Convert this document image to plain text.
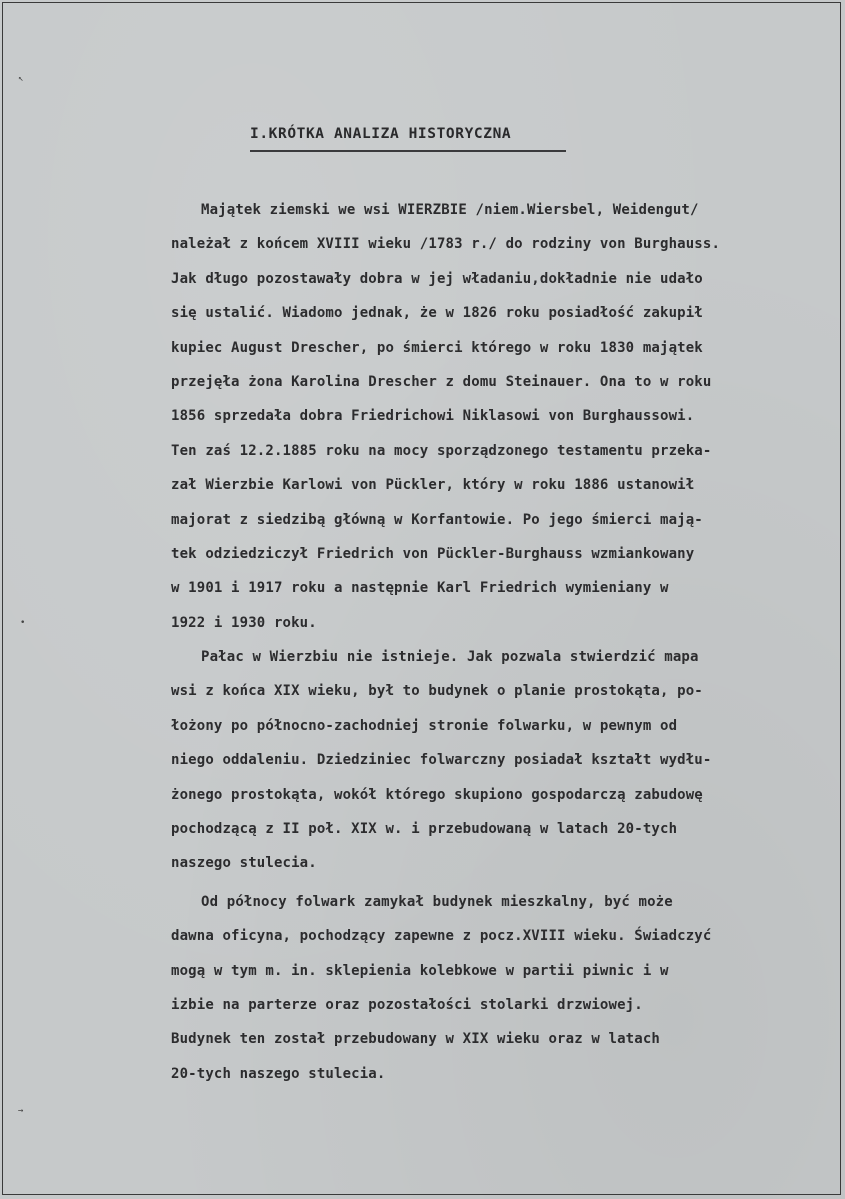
↖
•
→
I.KRÓTKA ANALIZA HISTORYCZNA
Majątek ziemski we wsi WIERZBIE /niem.Wiersbel, Weidengut/
należał z końcem XVIII wieku /1783 r./ do rodziny von Burghauss.
Jak długo pozostawały dobra w jej władaniu,dokładnie nie udało
się ustalić. Wiadomo jednak, że w 1826 roku posiadłość zakupił
kupiec August Drescher, po śmierci którego w roku 1830 majątek
przejęła żona Karolina Drescher z domu Steinauer. Ona to w roku
1856 sprzedała dobra Friedrichowi Niklasowi von Burghaussowi.
Ten zaś 12.2.1885 roku na mocy sporządzonego testamentu przeka-
zał Wierzbie Karlowi von Pückler, który w roku 1886 ustanowił
majorat z siedzibą główną w Korfantowie. Po jego śmierci mają-
tek odziedziczył Friedrich von Pückler-Burghauss wzmiankowany
w 1901 i 1917 roku a następnie Karl Friedrich wymieniany w
1922 i 1930 roku.
Pałac w Wierzbiu nie istnieje. Jak pozwala stwierdzić mapa
wsi z końca XIX wieku, był to budynek o planie prostokąta, po-
łożony po północno-zachodniej stronie folwarku, w pewnym od
niego oddaleniu. Dziedziniec folwarczny posiadał kształt wydłu-
żonego prostokąta, wokół którego skupiono gospodarczą zabudowę
pochodzącą z II poł. XIX w. i przebudowaną w latach 20-tych
naszego stulecia.
Od północy folwark zamykał budynek mieszkalny, być może
dawna oficyna, pochodzący zapewne z pocz.XVIII wieku. Świadczyć
mogą w tym m. in. sklepienia kolebkowe w partii piwnic i w
izbie na parterze oraz pozostałości stolarki drzwiowej.
Budynek ten został przebudowany w XIX wieku oraz w latach
20-tych naszego stulecia.
